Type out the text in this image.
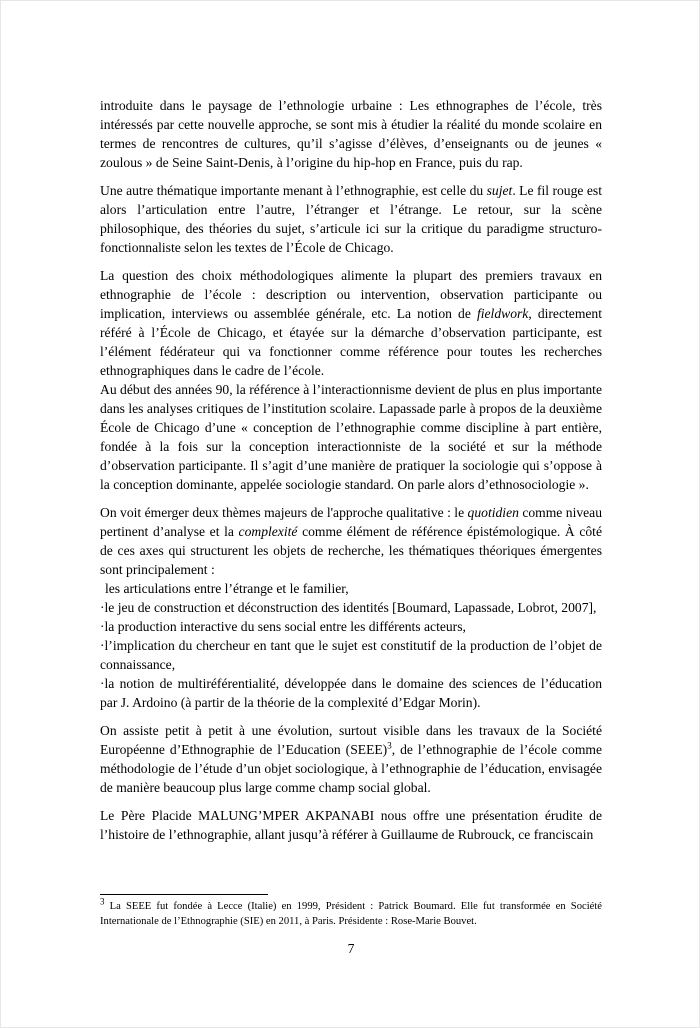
introduite dans le paysage de l’ethnologie urbaine : Les ethnographes de l’école, très intéressés par cette nouvelle approche, se sont mis à étudier la réalité du monde scolaire en termes de rencontres de cultures, qu’il s’agisse d’élèves, d’enseignants ou de jeunes « zoulous » de Seine Saint-Denis, à l’origine du hip-hop en France, puis du rap.

Une autre thématique importante menant à l’ethnographie, est celle du sujet. Le fil rouge est alors l’articulation entre l’autre, l’étranger et l’étrange. Le retour, sur la scène philosophique, des théories du sujet, s’articule ici sur la critique du paradigme structuro-fonctionnaliste selon les textes de l’École de Chicago.

La question des choix méthodologiques alimente la plupart des premiers travaux en ethnographie de l’école : description ou intervention, observation participante ou implication, interviews ou assemblée générale, etc. La notion de fieldwork, directement référé à l’École de Chicago, et étayée sur la démarche d’observation participante, est l’élément fédérateur qui va fonctionner comme référence pour toutes les recherches ethnographiques dans le cadre de l’école.

Au début des années 90, la référence à l’interactionnisme devient de plus en plus importante dans les analyses critiques de l’institution scolaire. Lapassade parle à propos de la deuxième École de Chicago d’une « conception de l’ethnographie comme discipline à part entière, fondée à la fois sur la conception interactionniste de la société et sur la méthode d’observation participante. Il s’agit d’une manière de pratiquer la sociologie qui s’oppose à la conception dominante, appelée sociologie standard. On parle alors d’ethnosociologie ».

On voit émerger deux thèmes majeurs de l'approche qualitative : le quotidien comme niveau pertinent d’analyse et la complexité comme élément de référence épistémologique. À côté de ces axes qui structurent les objets de recherche, les thématiques théoriques émergentes sont principalement :

les articulations entre l’étrange et le familier,

·le jeu de construction et déconstruction des identités [Boumard, Lapassade, Lobrot, 2007],

·la production interactive du sens social entre les différents acteurs,

·l’implication du chercheur en tant que le sujet est constitutif de la production de l’objet de connaissance,

·la notion de multiréférentialité, développée dans le domaine des sciences de l’éducation par J. Ardoino (à partir de la théorie de la complexité d’Edgar Morin).

On assiste petit à petit à une évolution, surtout visible dans les travaux de la Société Européenne d’Ethnographie de l’Education (SEEE)$^3$, de l’ethnographie de l’école comme méthodologie de l’étude d’un objet sociologique, à l’ethnographie de l’éducation, envisagée de manière beaucoup plus large comme champ social global.

Le Père Placide MALUNG’MPER AKPANABI nous offre une présentation érudite de l’histoire de l’ethnographie, allant jusqu’à référer à Guillaume de Rubrouck, ce franciscain

$^3$ La SEEE fut fondée à Lecce (Italie) en 1999, Président : Patrick Boumard. Elle fut transformée en Société Internationale de l’Ethnographie (SIE) en 2011, à Paris. Présidente : Rose-Marie Bouvet.

7
